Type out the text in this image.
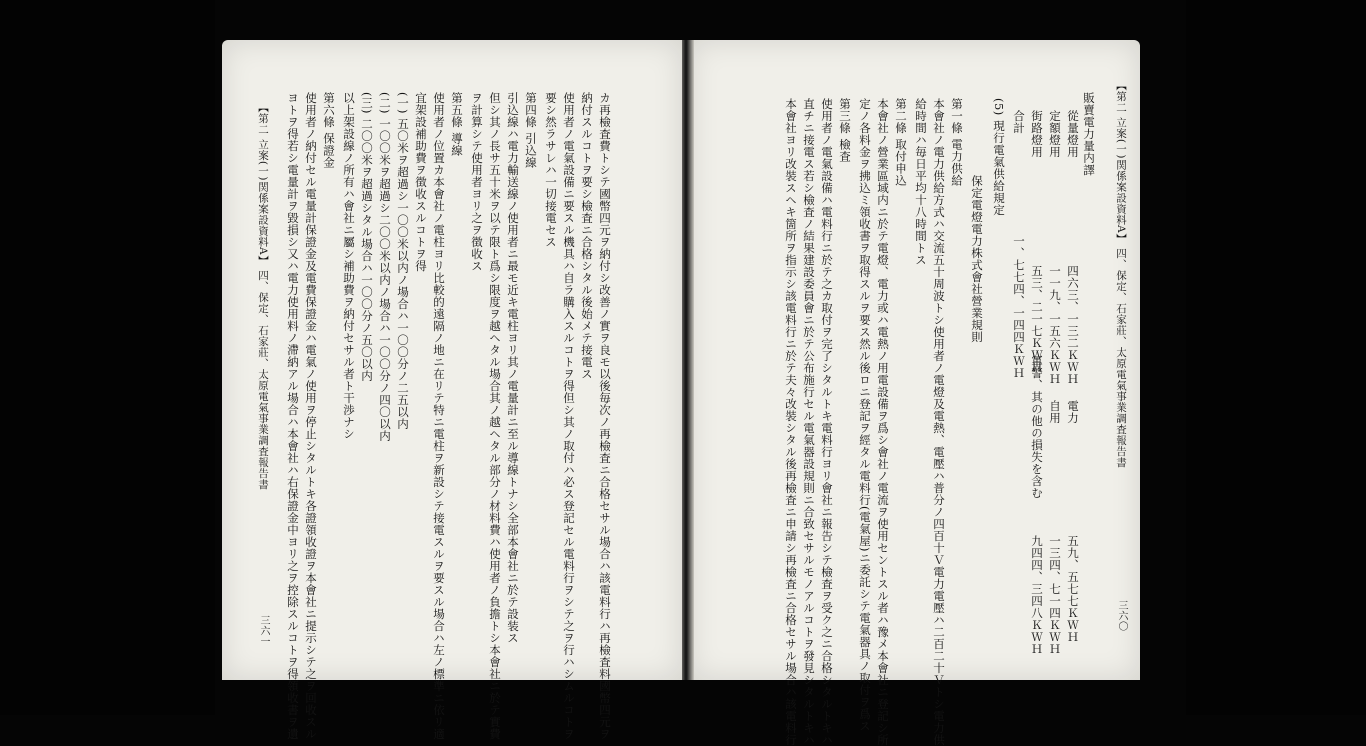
【第二 立案(一)関係案設資料A】 四、保定、石家莊、太原電氣事業調査報告書
三六〇
販賣電力量内譯
從量燈用
四六三、一三二ＫＷＨ
電力
五九、五七七ＫＷＨ
定額燈用
一一九、一五六ＫＷＨ
自用
一三四、七一四ＫＷＨ
街路燈用
五三、二一七ＫＷＨ
軍警、其の他の損失を含む
九四四、三四八ＫＷＨ
合計
一、七七四、一四四ＫＷＨ
(5) 現行電氣供給規定
保定電燈電力株式會社營業規則
第一條 電力供給
本會社ノ電力供給方式ハ交流五十周波トシ使用者ノ電燈及電熱、電壓ハ普分ノ四百十Ｖ電力電壓ハ二百二十Ｖトシ電力供
給時間ハ毎日平均十八時間トス
第二條 取付申込
本會社ノ營業區域内ニ於テ電燈、電力或ハ電熱ノ用電設備ヲ爲シ會社ノ電流ヲ使用セントスル者ハ豫メ本會社ニ登記シ所
定ノ各料金ヲ拂込ミ領收書ヲ取得スルヲ要ス然ル後ロニ登記ヲ經タル電料行(電氣屋)ニ委託シテ電氣器具ノ取付ヲ爲ス
第三條 檢査
使用者ノ電氣設備ハ電料行ニ於テ之カ取付ヲ完了シタルトキ電料行ヨリ會社ニ報告シテ檢査ヲ受ク之ニ合格シタルトキハ
直チニ接電ス若シ檢査ノ結果建設委員會ニ於テ公布施行セル電氣器設規則ニ合致セサルモノアルコトヲ發見シタルトキハ
本會社ヨリ改裝スヘキ箇所ヲ指示シ該電料行ニ於テ夫々改裝シタル後再檢査ニ申請シ再檢査ニ合格セサル場合ハ該電料行
カ再檢査費トシテ國幣四元ヲ納付シ改善ノ實ヲ良モ以後毎次ノ再檢査ニ合格セサル場合ハ該電料行ハ再檢査料國幣四元ヲ
納付スルコトヲ要シ檢査ニ合格シタル後始メテ接電ス
使用者ノ電氣設備ニ要スル機具ハ自ラ購入スルコトヲ得但シ其ノ取付ハ必ス登記セル電料行ヲシテ之ヲ行ハシムルコトヲ
要シ然ラサレハ一切接電セス
第四條 引込線
引込線ハ電力輸送線ノ使用者ニ最モ近キ電柱ヨリ其ノ電量計ニ至ル導線トナシ全部本會社ニ於テ設装ス
但シ其ノ長サ五十米ヲ以テ限ト爲シ限度ヲ越ヘタル場合其ノ越ヘタル部分ノ材料費ハ使用者ノ負擔トシ本會社ニ於テ實費
ヲ計算シテ使用者ヨリ之ヲ徴收ス
第五條 導線
使用者ノ位置カ本會社ノ電柱ヨリ比較的遠隔ノ地ニ在リテ特ニ電柱ヲ新設シテ接電スルヲ要スル場合ハ左ノ標準ニ依リ適
宜架設補助費ヲ徴收スルコトヲ得
(一) 五〇米ヲ超過シ一〇〇米以内ノ場合ハ一〇〇分ノ二五以内
(二) 一〇〇米ヲ超過シ二〇〇米以内ノ場合ハ一〇〇分ノ四〇以内
(三) 二〇〇米ヲ超過シタル場合ハ一〇〇分ノ五〇以内
以上架設線ノ所有ハ會社ニ屬シ補助費ヲ納付セサル者ト干渉ナシ
第六條 保證金
使用者ノ納付セル電量計保證金及電費保證金ハ電氣ノ使用ヲ停止シタルトキ各證領收證ヲ本會社ニ提示シテ之ヲ回收スル
ヨトヲ得若シ電量計ヲ毀損シ又ハ電力使用料ノ滯納アル場合ハ本會社ハ右保證金中ヨリ之ヲ控除スルコトヲ得領收書ヲ遺
【第二 立案(一)関係案設資料A】 四、保定、石家莊、太原電氣事業調査報告書
三六一
